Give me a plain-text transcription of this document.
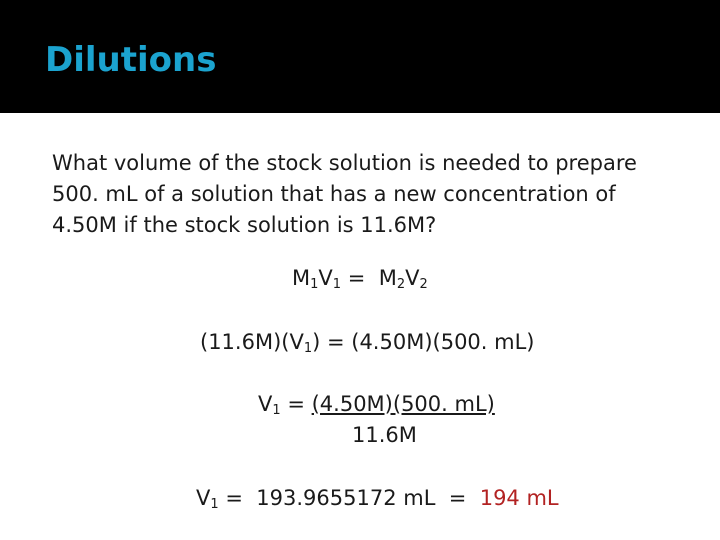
Dilutions
What volume of the stock solution is needed to prepare 500. mL of a solution that has a new concentration of 4.50M if the stock solution is 11.6M?
$M_1V_1 = M_2V_2$
$(11.6M)(V_1) = (4.50M)(500$. mL)
$V_1 = (4.50M)(500$. mL)
11.6M
$V_1 = 193.9655172$ mL  =  194 mL
